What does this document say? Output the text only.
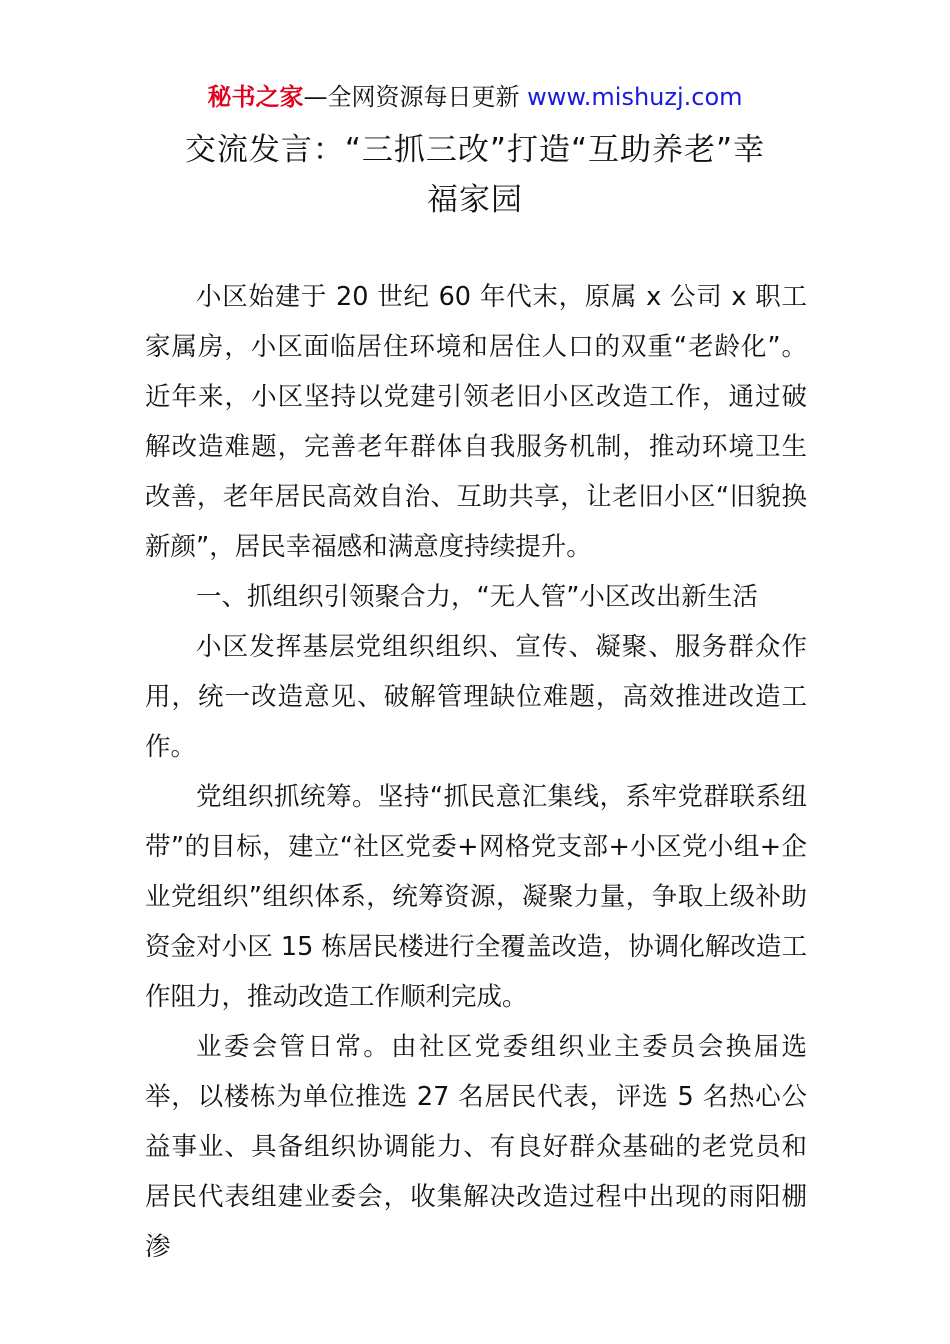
秘书之家—全网资源每日更新 www.mishuzj.com
交流发言：“三抓三改”打造“互助养老”幸
福家园

小区始建于 20 世纪 60 年代末，原属 x 公司 x 职工家属房，小区面临居住环境和居住人口的双重“老龄化”。近年来，小区坚持以党建引领老旧小区改造工作，通过破解改造难题，完善老年群体自我服务机制，推动环境卫生改善，老年居民高效自治、互助共享，让老旧小区“旧貌换新颜”，居民幸福感和满意度持续提升。

一、抓组织引领聚合力，“无人管”小区改出新生活

小区发挥基层党组织组织、宣传、凝聚、服务群众作用，统一改造意见、破解管理缺位难题，高效推进改造工作。

党组织抓统筹。坚持“抓民意汇集线，系牢党群联系纽带”的目标，建立“社区党委+网格党支部+小区党小组+企业党组织”组织体系，统筹资源，凝聚力量，争取上级补助资金对小区 15 栋居民楼进行全覆盖改造，协调化解改造工作阻力，推动改造工作顺利完成。

业委会管日常。由社区党委组织业主委员会换届选举，以楼栋为单位推选 27 名居民代表，评选 5 名热心公益事业、具备组织协调能力、有良好群众基础的老党员和居民代表组建业委会，收集解决改造过程中出现的雨阳棚渗
